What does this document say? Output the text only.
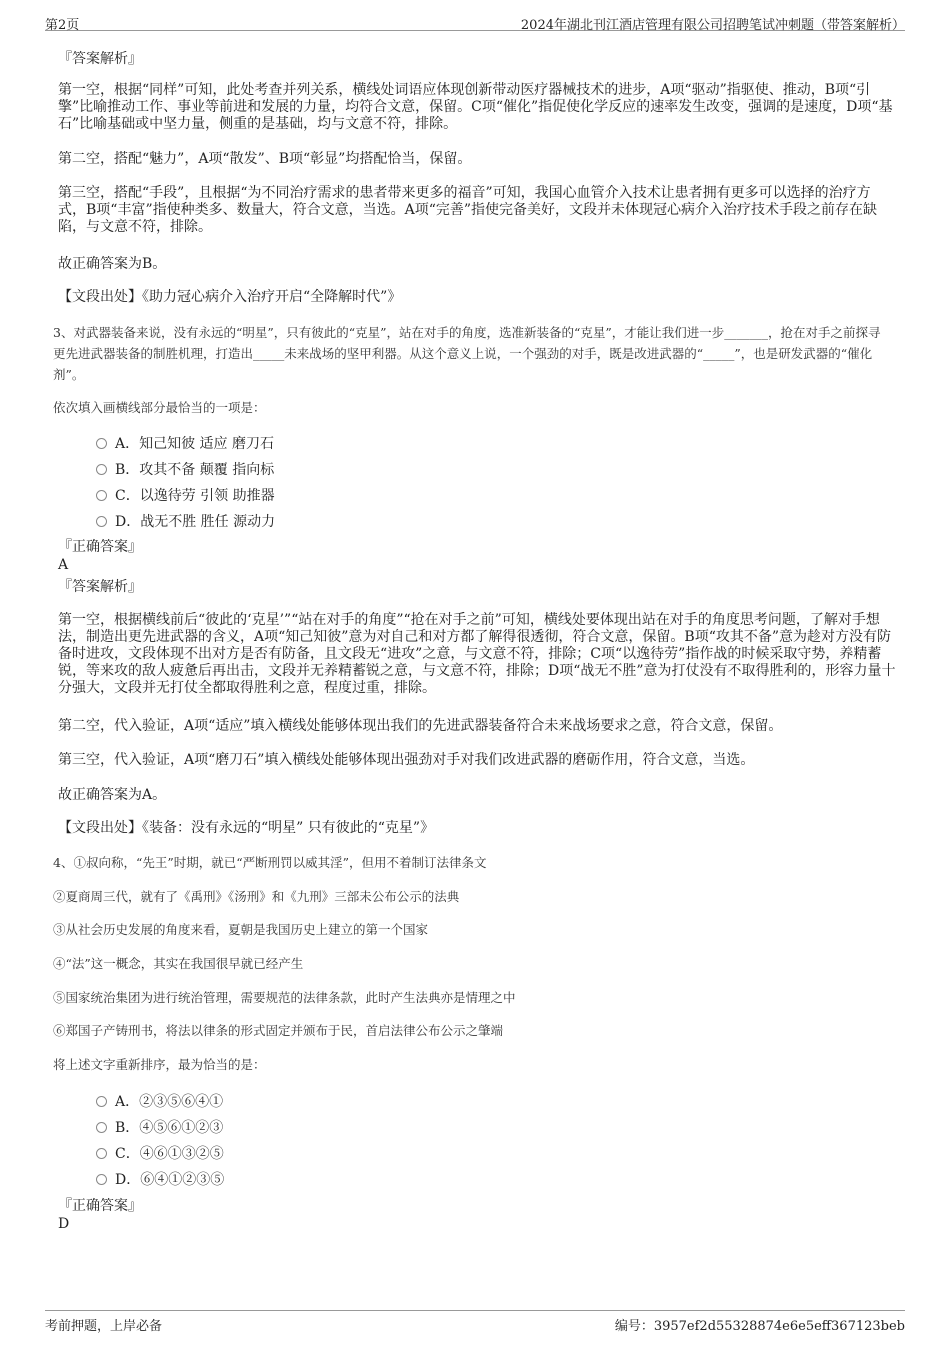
第2页	2024年湖北刊江酒店管理有限公司招聘笔试冲刺题（带答案解析）
『答案解析』

第一空，根据“同样”可知，此处考查并列关系，横线处词语应体现创新带动医疗器械技术的进步，A项“驱动”指驱使、推动，B项“引擎”比喻推动工作、事业等前进和发展的力量，均符合文意，保留。C项“催化”指促使化学反应的速率发生改变，强调的是速度，D项“基石”比喻基础或中坚力量，侧重的是基础，均与文意不符，排除。

第二空，搭配“魅力”，A项“散发”、B项“彰显”均搭配恰当，保留。

第三空，搭配“手段”，且根据“为不同治疗需求的患者带来更多的福音”可知，我国心血管介入技术让患者拥有更多可以选择的治疗方式，B项“丰富”指使种类多、数量大，符合文意，当选。A项“完善”指使完备美好，文段并未体现冠心病介入治疗技术手段之前存在缺陷，与文意不符，排除。

故正确答案为B。

【文段出处】《助力冠心病介入治疗开启“全降解时代”》

3、对武器装备来说，没有永远的“明星”，只有彼此的“克星”，站在对手的角度，选准新装备的“克星”，才能让我们进一步_______，抢在对手之前探寻更先进武器装备的制胜机理，打造出_____未来战场的坚甲利器。从这个意义上说，一个强劲的对手，既是改进武器的“_____”，也是研发武器的“催化剂”。

依次填入画横线部分最恰当的一项是：

A．知己知彼 适应 磨刀石
B．攻其不备 颠覆 指向标
C．以逸待劳 引领 助推器
D．战无不胜 胜任 源动力
『正确答案』
A
『答案解析』

第一空，根据横线前后“彼此的‘克星’”“站在对手的角度”“抢在对手之前”可知，横线处要体现出站在对手的角度思考问题，了解对手想法，制造出更先进武器的含义，A项“知己知彼”意为对自己和对方都了解得很透彻，符合文意，保留。B项“攻其不备”意为趁对方没有防备时进攻，文段体现不出对方是否有防备，且文段无“进攻”之意，与文意不符，排除；C项“以逸待劳”指作战的时候采取守势，养精蓄锐，等来攻的敌人疲惫后再出击，文段并无养精蓄锐之意，与文意不符，排除；D项“战无不胜”意为打仗没有不取得胜利的，形容力量十分强大，文段并无打仗全都取得胜利之意，程度过重，排除。

第二空，代入验证，A项“适应”填入横线处能够体现出我们的先进武器装备符合未来战场要求之意，符合文意，保留。

第三空，代入验证，A项“磨刀石”填入横线处能够体现出强劲对手对我们改进武器的磨砺作用，符合文意，当选。

故正确答案为A。

【文段出处】《装备：没有永远的“明星” 只有彼此的“克星”》

4、①叔向称，“先王”时期，就已“严断刑罚以威其淫”，但用不着制订法律条文

②夏商周三代，就有了《禹刑》《汤刑》和《九刑》三部未公布公示的法典

③从社会历史发展的角度来看，夏朝是我国历史上建立的第一个国家

④“法”这一概念，其实在我国很早就已经产生

⑤国家统治集团为进行统治管理，需要规范的法律条款，此时产生法典亦是情理之中

⑥郑国子产铸刑书，将法以律条的形式固定并颁布于民，首启法律公布公示之肇端

将上述文字重新排序，最为恰当的是：

A．②③⑤⑥④①
B．④⑤⑥①②③
C．④⑥①③②⑤
D．⑥④①②③⑤
『正确答案』
D
考前押题，上岸必备	编号：3957ef2d55328874e6e5eff367123beb
